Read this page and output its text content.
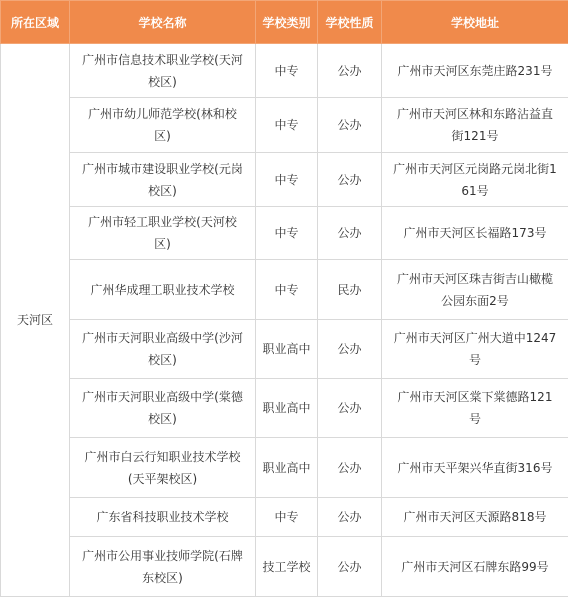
所在区域	学校名称	学校类别	学校性质	学校地址
天河区	广州市信息技术职业学校(天河校区)	中专	公办	广州市天河区东莞庄路231号
	广州市幼儿师范学校(林和校区)	中专	公办	广州市天河区林和东路沾益直街121号
	广州市城市建设职业学校(元岗校区)	中专	公办	广州市天河区元岗路元岗北街161号
	广州市轻工职业学校(天河校区)	中专	公办	广州市天河区长福路173号
	广州华成理工职业技术学校	中专	民办	广州市天河区珠吉街吉山橄榄公园东面2号
	广州市天河职业高级中学(沙河校区)	职业高中	公办	广州市天河区广州大道中1247号
	广州市天河职业高级中学(棠德校区)	职业高中	公办	广州市天河区棠下棠德路121号
	广州市白云行知职业技术学校(天平架校区)	职业高中	公办	广州市天平架兴华直街316号
	广东省科技职业技术学校	中专	公办	广州市天河区天源路818号
	广州市公用事业技师学院(石牌东校区)	技工学校	公办	广州市天河区石牌东路99号
